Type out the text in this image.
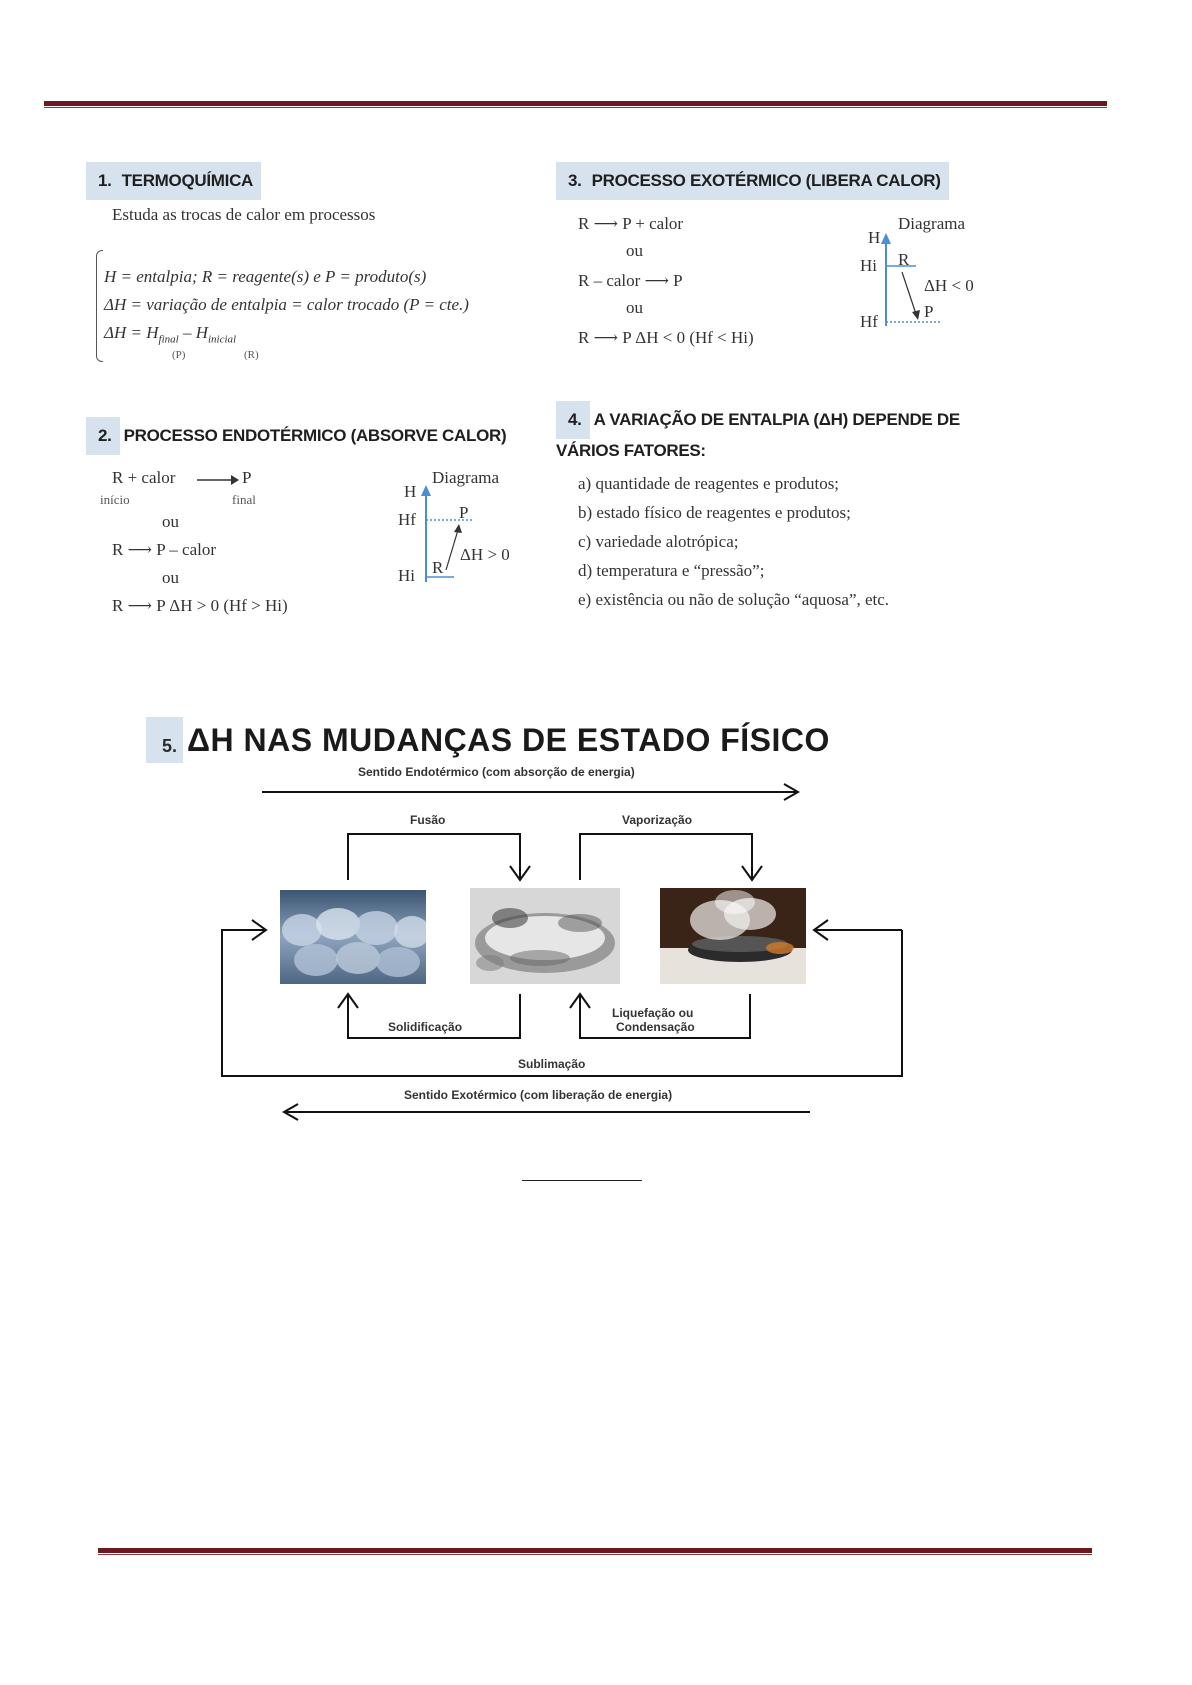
1. TERMOQUÍMICA
Estuda as trocas de calor em processos
H = entalpia; R = reagente(s) e P = produto(s)
ΔH = variação de entalpia = calor trocado (P = cte.)
$\Delta H = H_{final} - H_{inicial}$
(P)	(R)
2. PROCESSO ENDOTÉRMICO (ABSORVE CALOR)
R + calor	P
início	final
ou
R ⟶ P – calor
ou
R ⟶ P ΔH > 0 (Hf > Hi)
Diagrama
H
Hf	P
ΔH > 0
R
Hi
3. PROCESSO EXOTÉRMICO (LIBERA CALOR)
R ⟶ P + calor
ou
R – calor ⟶ P
ou
R ⟶ P ΔH < 0 (Hf < Hi)
Diagrama
H
Hi R
ΔH < 0
P
Hf
4. A VARIAÇÃO DE ENTALPIA (ΔH) DEPENDE DE
VÁRIOS FATORES:
a) quantidade de reagentes e produtos;
b) estado físico de reagentes e produtos;
c) variedade alotrópica;
d) temperatura e “pressão”;
e) existência ou não de solução “aquosa”, etc.
5. ΔH NAS MUDANÇAS DE ESTADO FÍSICO
Sentido Endotérmico (com absorção de energia)
Fusão	Vaporização
Solidificação
Liquefação ou
Condensação
Sublimação
Sentido Exotérmico (com liberação de energia)
